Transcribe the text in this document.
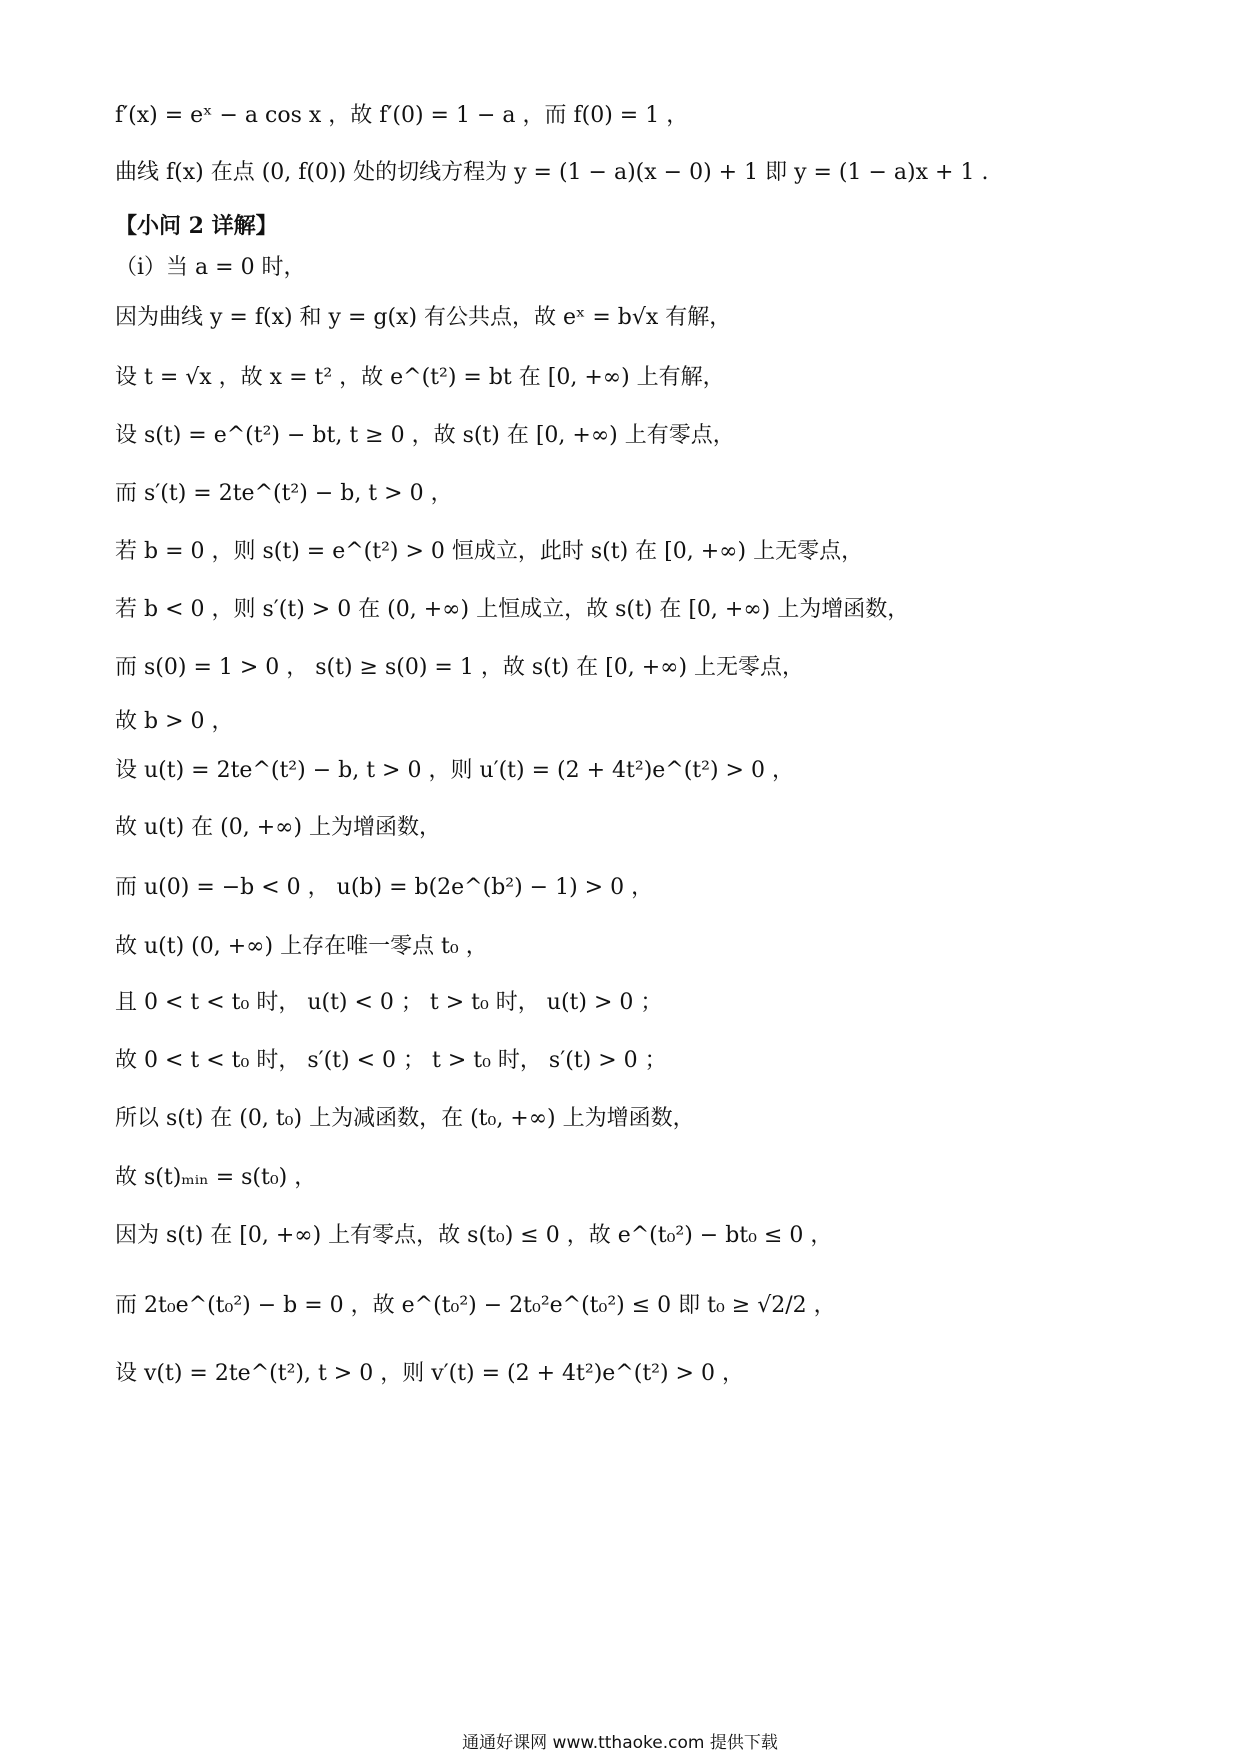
f′(x) = eˣ − a cos x ，故 f′(0) = 1 − a ，而 f(0) = 1 ，
曲线 f(x) 在点 (0, f(0)) 处的切线方程为 y = (1 − a)(x − 0) + 1 即 y = (1 − a)x + 1 .
【小问 2 详解】
（i）当 a = 0 时，
因为曲线 y = f(x) 和 y = g(x) 有公共点，故 eˣ = b√x 有解，
设 t = √x ，故 x = t² ，故 e^(t²) = bt 在 [0, +∞) 上有解，
设 s(t) = e^(t²) − bt, t ≥ 0 ，故 s(t) 在 [0, +∞) 上有零点，
而 s′(t) = 2te^(t²) − b, t > 0 ，
若 b = 0 ，则 s(t) = e^(t²) > 0 恒成立，此时 s(t) 在 [0, +∞) 上无零点，
若 b < 0 ，则 s′(t) > 0 在 (0, +∞) 上恒成立，故 s(t) 在 [0, +∞) 上为增函数，
而 s(0) = 1 > 0 ， s(t) ≥ s(0) = 1 ，故 s(t) 在 [0, +∞) 上无零点，
故 b > 0 ，
设 u(t) = 2te^(t²) − b, t > 0 ，则 u′(t) = (2 + 4t²)e^(t²) > 0 ，
故 u(t) 在 (0, +∞) 上为增函数，
而 u(0) = −b < 0 ， u(b) = b(2e^(b²) − 1) > 0 ，
故 u(t) (0, +∞) 上存在唯一零点 t₀ ，
且 0 < t < t₀ 时， u(t) < 0 ； t > t₀ 时， u(t) > 0 ；
故 0 < t < t₀ 时， s′(t) < 0 ； t > t₀ 时， s′(t) > 0 ；
所以 s(t) 在 (0, t₀) 上为减函数，在 (t₀, +∞) 上为增函数，
故 s(t)ₘᵢₙ = s(t₀) ，
因为 s(t) 在 [0, +∞) 上有零点，故 s(t₀) ≤ 0 ，故 e^(t₀²) − bt₀ ≤ 0 ，
而 2t₀e^(t₀²) − b = 0 ，故 e^(t₀²) − 2t₀²e^(t₀²) ≤ 0 即 t₀ ≥ √2/2 ，
设 v(t) = 2te^(t²), t > 0 ，则 v′(t) = (2 + 4t²)e^(t²) > 0 ，
通通好课网 www.tthaoke.com 提供下载
